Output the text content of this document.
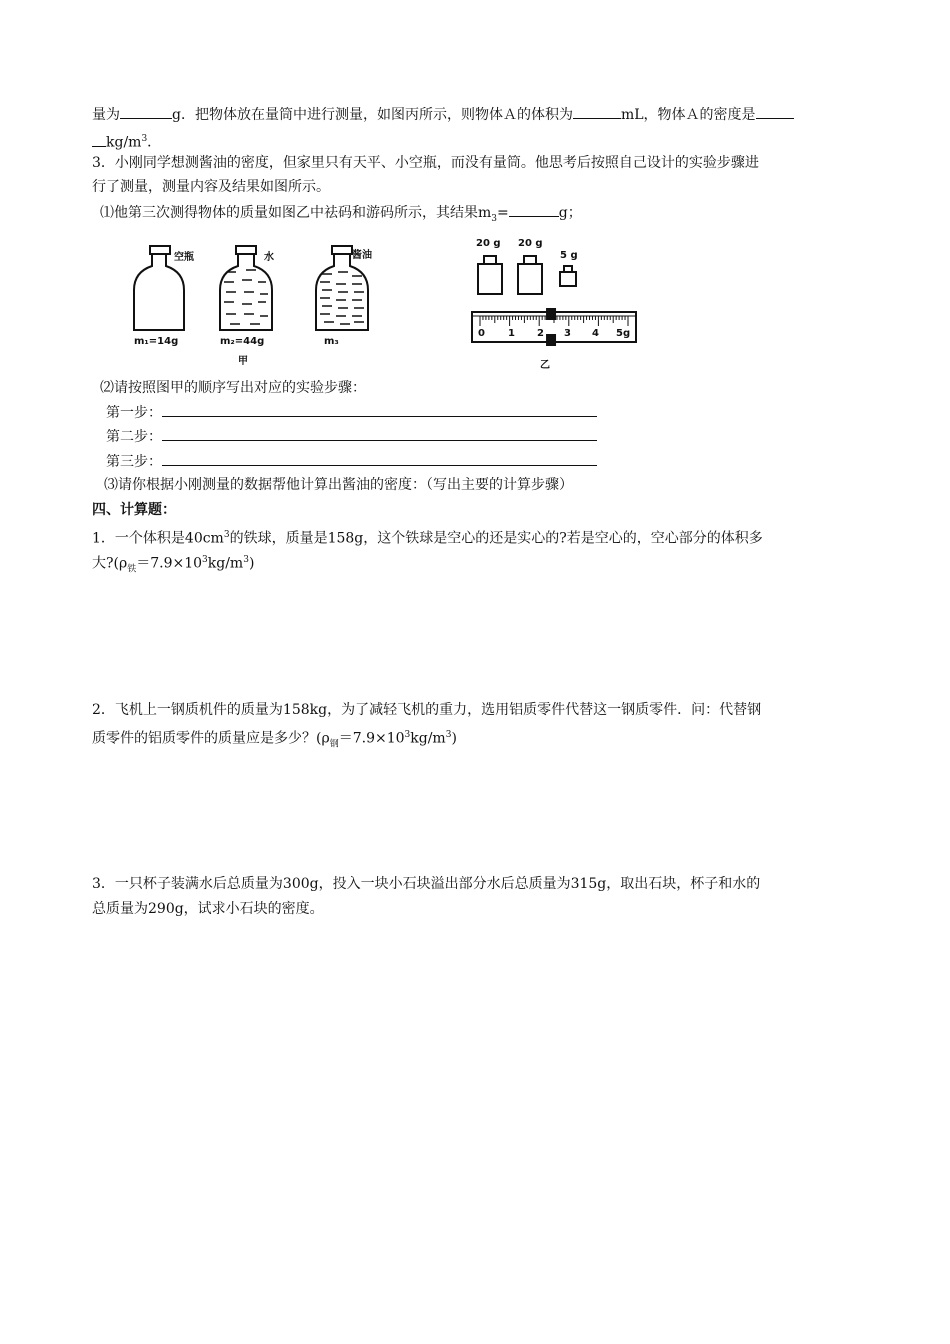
量为	g．把物体放在量筒中进行测量，如图丙所示，则物体Ａ的体积为	mL，物体Ａ的密度是
$kg/m^3$．
3．小刚同学想测酱油的密度，但家里只有天平、小空瓶，而没有量筒。他思考后按照自己设计的实验步骤进
行了测量，测量内容及结果如图所示。
⑴他第三次测得物体的质量如图乙中祛码和游码所示，其结果$m_3=$	g；
空瓶	水	酱油
m₁=14g	m₂=44g	m₃
甲
20 g 20 g
5 g
0 1 2 3 4 5g
乙
⑵请按照图甲的顺序写出对应的实验步骤：
第一步：
第二步：
第三步：
⑶请你根据小刚测量的数据帮他计算出酱油的密度：（写出主要的计算步骤）
四、计算题：
1．一个体积是$40cm^3$的铁球，质量是158g，这个铁球是空心的还是实心的?若是空心的，空心部分的体积多
大$?(\rho_铁=7.9\times 10^3kg/m^3)$
2．飞机上一钢质机件的质量为158kg，为了减轻飞机的重力，选用铝质零件代替这一钢质零件．问：代替钢
质零件的铝质零件的质量应是多少？$(\rho_钢=7.9\times 10^3kg/m^3)$
3．一只杯子装满水后总质量为300g，投入一块小石块溢出部分水后总质量为315g，取出石块，杯子和水的
总质量为290g，试求小石块的密度。
